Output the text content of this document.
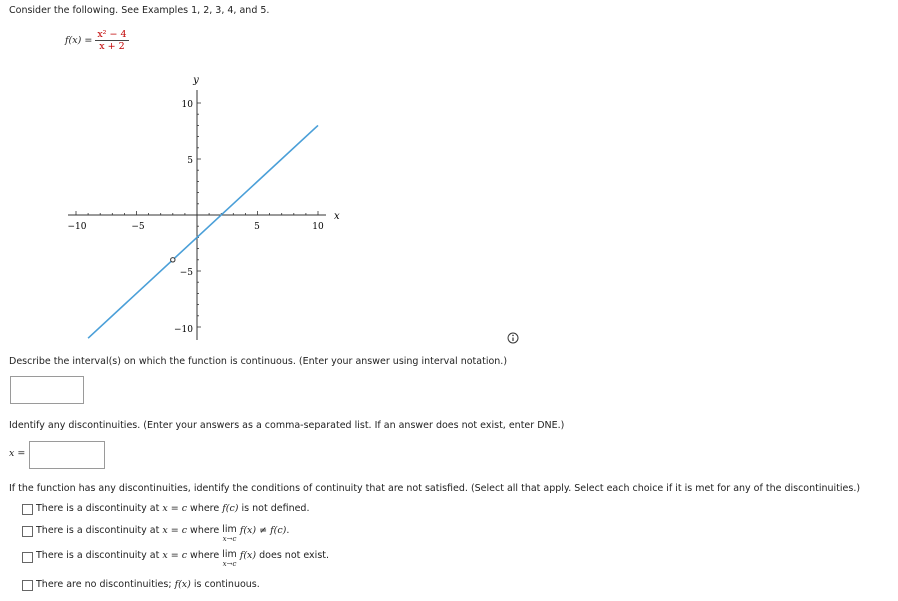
Consider the following. See Examples 1, 2, 3, 4, and 5.
$f(x) = \frac{\text{x² − 4}}{x + 2}$
x
y
−10	−5	5	10
10
5
−5
−10
Describe the interval(s) on which the function is continuous. (Enter your answer using interval notation.)
Identify any discontinuities. (Enter your answers as a comma-separated list. If an answer does not exist, enter DNE.)
x =
If the function has any discontinuities, identify the conditions of continuity that are not satisfied. (Select all that apply. Select each choice if it is met for any of the discontinuities.)
There is a discontinuity at x = c where f(c) is not defined.
There is a discontinuity at x = c where lim
x→c
f(x) ≠ f(c).
There is a discontinuity at x = c where lim
x→c
f(x) does not exist.
There are no discontinuities; f(x) is continuous.
